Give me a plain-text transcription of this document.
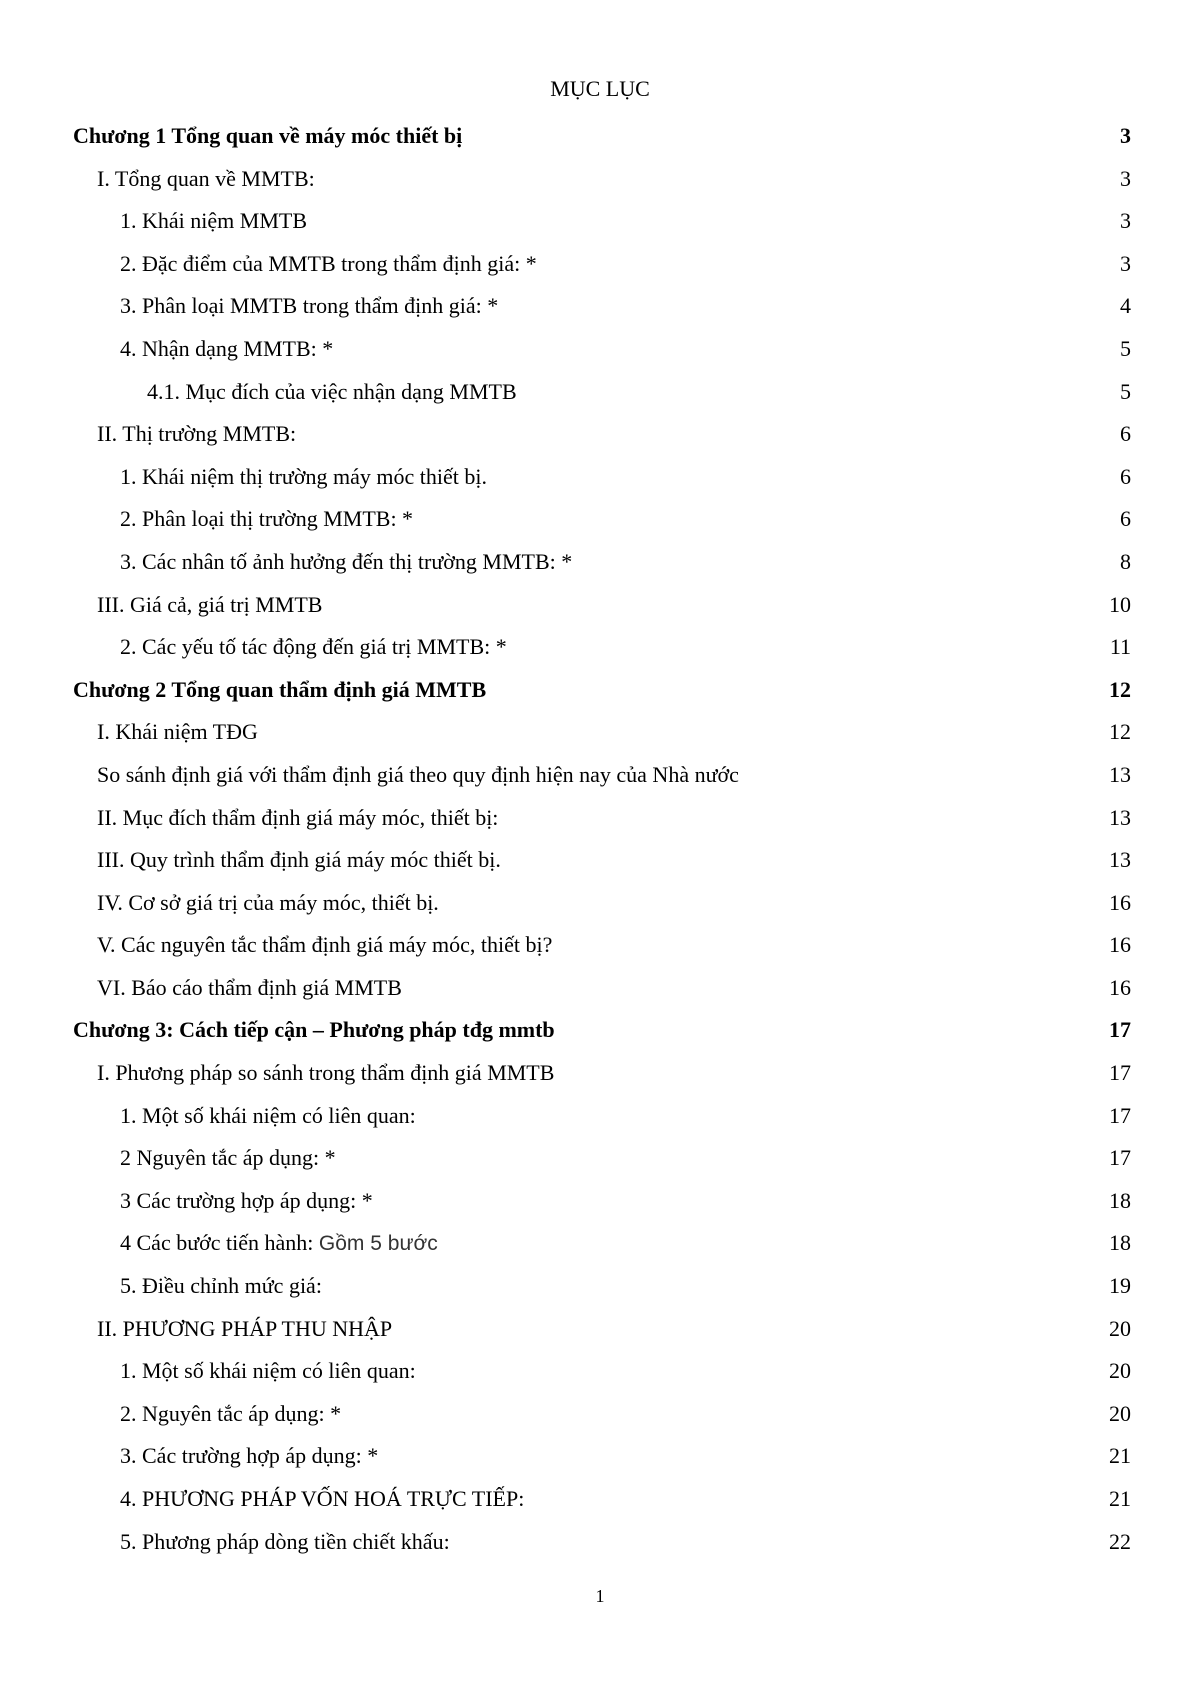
MỤC LỤC
Chương 1 Tổng quan về máy móc thiết bị	3
I. Tổng quan về MMTB:	3
1. Khái niệm MMTB	3
2. Đặc điểm của MMTB trong thẩm định giá: *	3
3. Phân loại MMTB trong thẩm định giá: *	4
4. Nhận dạng MMTB: *	5
4.1. Mục đích của việc nhận dạng MMTB	5
II. Thị trường MMTB:	6
1. Khái niệm thị trường máy móc thiết bị.	6
2. Phân loại thị trường MMTB: *	6
3. Các nhân tố ảnh hưởng đến thị trường MMTB: *	8
III. Giá cả, giá trị MMTB	10
2. Các yếu tố tác động đến giá trị MMTB: *	11
Chương 2 Tổng quan thẩm định giá MMTB	12
I. Khái niệm TĐG	12
So sánh định giá với thẩm định giá theo quy định hiện nay của Nhà nước	13
II. Mục đích thẩm định giá máy móc, thiết bị:	13
III. Quy trình thẩm định giá máy móc thiết bị.	13
IV. Cơ sở giá trị của máy móc, thiết bị.	16
V. Các nguyên tắc thẩm định giá máy móc, thiết bị?	16
VI. Báo cáo thẩm định giá MMTB	16
Chương 3: Cách tiếp cận – Phương pháp tđg mmtb	17
I. Phương pháp so sánh trong thẩm định giá MMTB	17
1. Một số khái niệm có liên quan:	17
2 Nguyên tắc áp dụng: *	17
3 Các trường hợp áp dụng: *	18
4 Các bước tiến hành: Gồm 5 bước	18
5. Điều chỉnh mức giá:	19
II. PHƯƠNG PHÁP THU NHẬP	20
1. Một số khái niệm có liên quan:	20
2. Nguyên tắc áp dụng: *	20
3. Các trường hợp áp dụng: *	21
4. PHƯƠNG PHÁP VỐN HOÁ TRỰC TIẾP:	21
5. Phương pháp dòng tiền chiết khấu:	22
1
